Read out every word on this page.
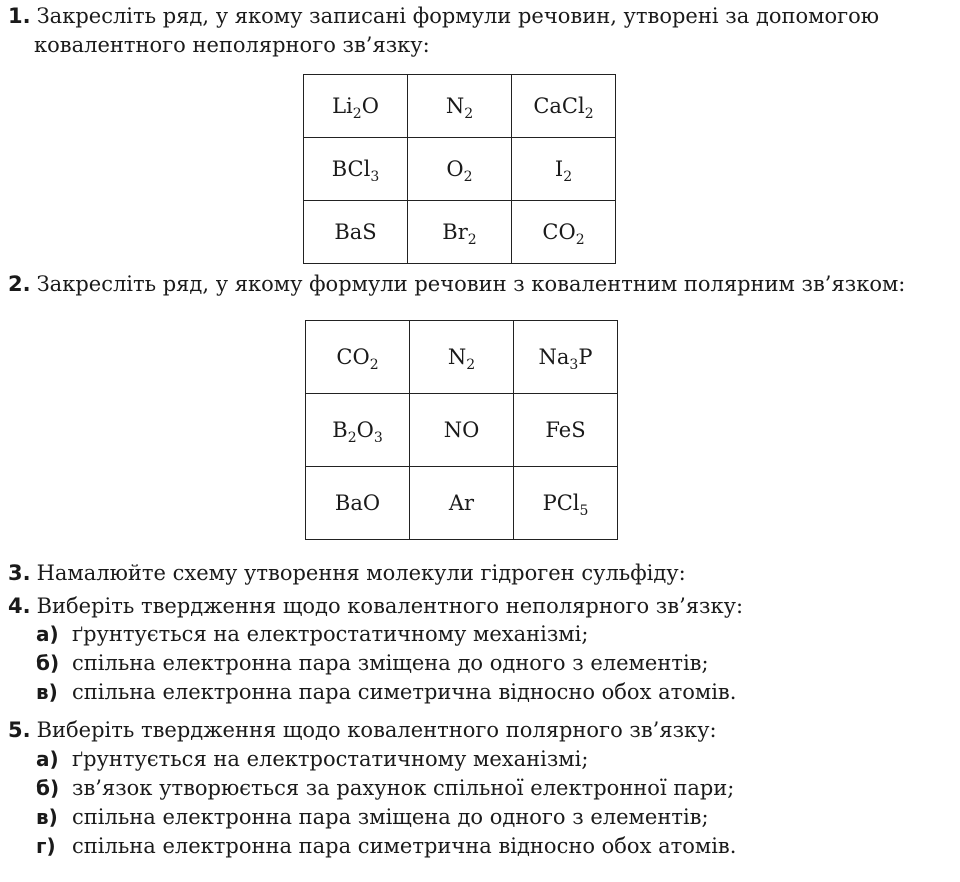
1. Закресліть ряд, у якому записані формули речовин, утворені за допомогою
ковалентного неполярного зв’язку:
$Li_2O$	$N_2$	CaCl$_2$
BCl$_3$	$O_2$	$I_2$
BaS	$Br_2$	$CO_2$
2. Закресліть ряд, у якому формули речовин з ковалентним полярним зв’язком:
$CO_2$	$N_2$	$Na_3P$
$B_2O_3$	NO	FeS
BaO	Ar	PCl$_5$
3. Намалюйте схему утворення молекули гідроген сульфіду:
4. Виберіть твердження щодо ковалентного неполярного зв’язку:
а) ґрунтується на електростатичному механізмі;
б) спільна електронна пара зміщена до одного з елементів;
в) спільна електронна пара симетрична відносно обох атомів.
5. Виберіть твердження щодо ковалентного полярного зв’язку:
а) ґрунтується на електростатичному механізмі;
б) зв’язок утворюється за рахунок спільної електронної пари;
в) спільна електронна пара зміщена до одного з елементів;
г) спільна електронна пара симетрична відносно обох атомів.
